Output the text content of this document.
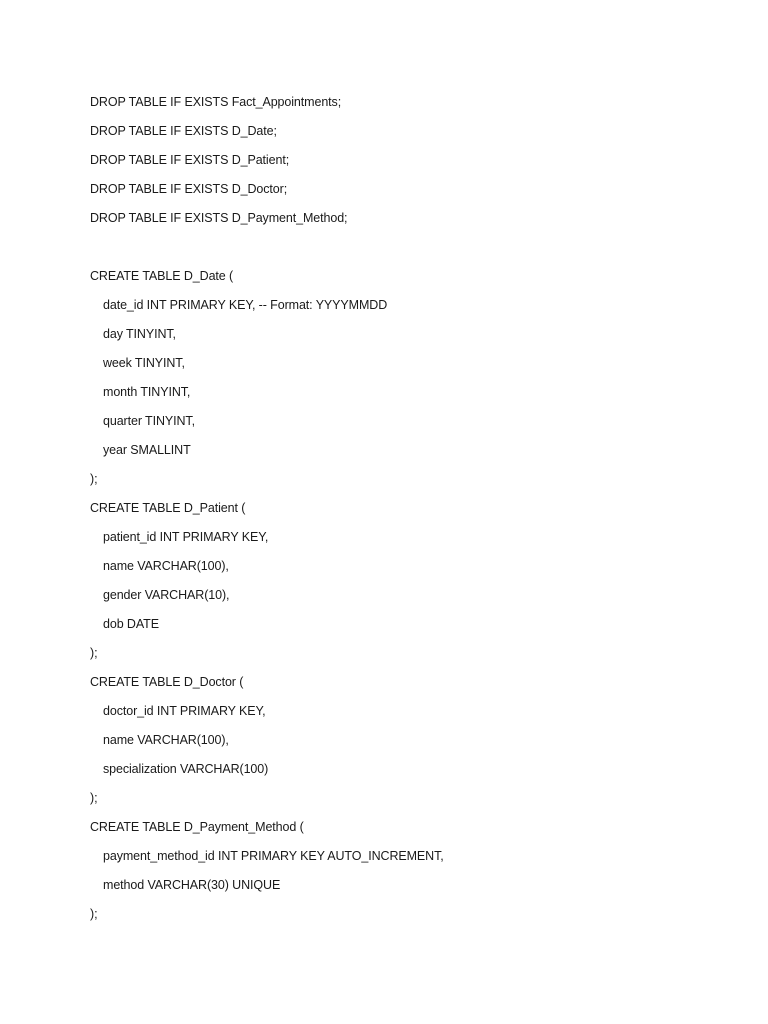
DROP TABLE IF EXISTS Fact_Appointments;
DROP TABLE IF EXISTS D_Date;
DROP TABLE IF EXISTS D_Patient;
DROP TABLE IF EXISTS D_Doctor;
DROP TABLE IF EXISTS D_Payment_Method;
CREATE TABLE D_Date (
date_id INT PRIMARY KEY, -- Format: YYYYMMDD
day TINYINT,
week TINYINT,
month TINYINT,
quarter TINYINT,
year SMALLINT
);
CREATE TABLE D_Patient (
patient_id INT PRIMARY KEY,
name VARCHAR(100),
gender VARCHAR(10),
dob DATE
);
CREATE TABLE D_Doctor (
doctor_id INT PRIMARY KEY,
name VARCHAR(100),
specialization VARCHAR(100)
);
CREATE TABLE D_Payment_Method (
payment_method_id INT PRIMARY KEY AUTO_INCREMENT,
method VARCHAR(30) UNIQUE
);
